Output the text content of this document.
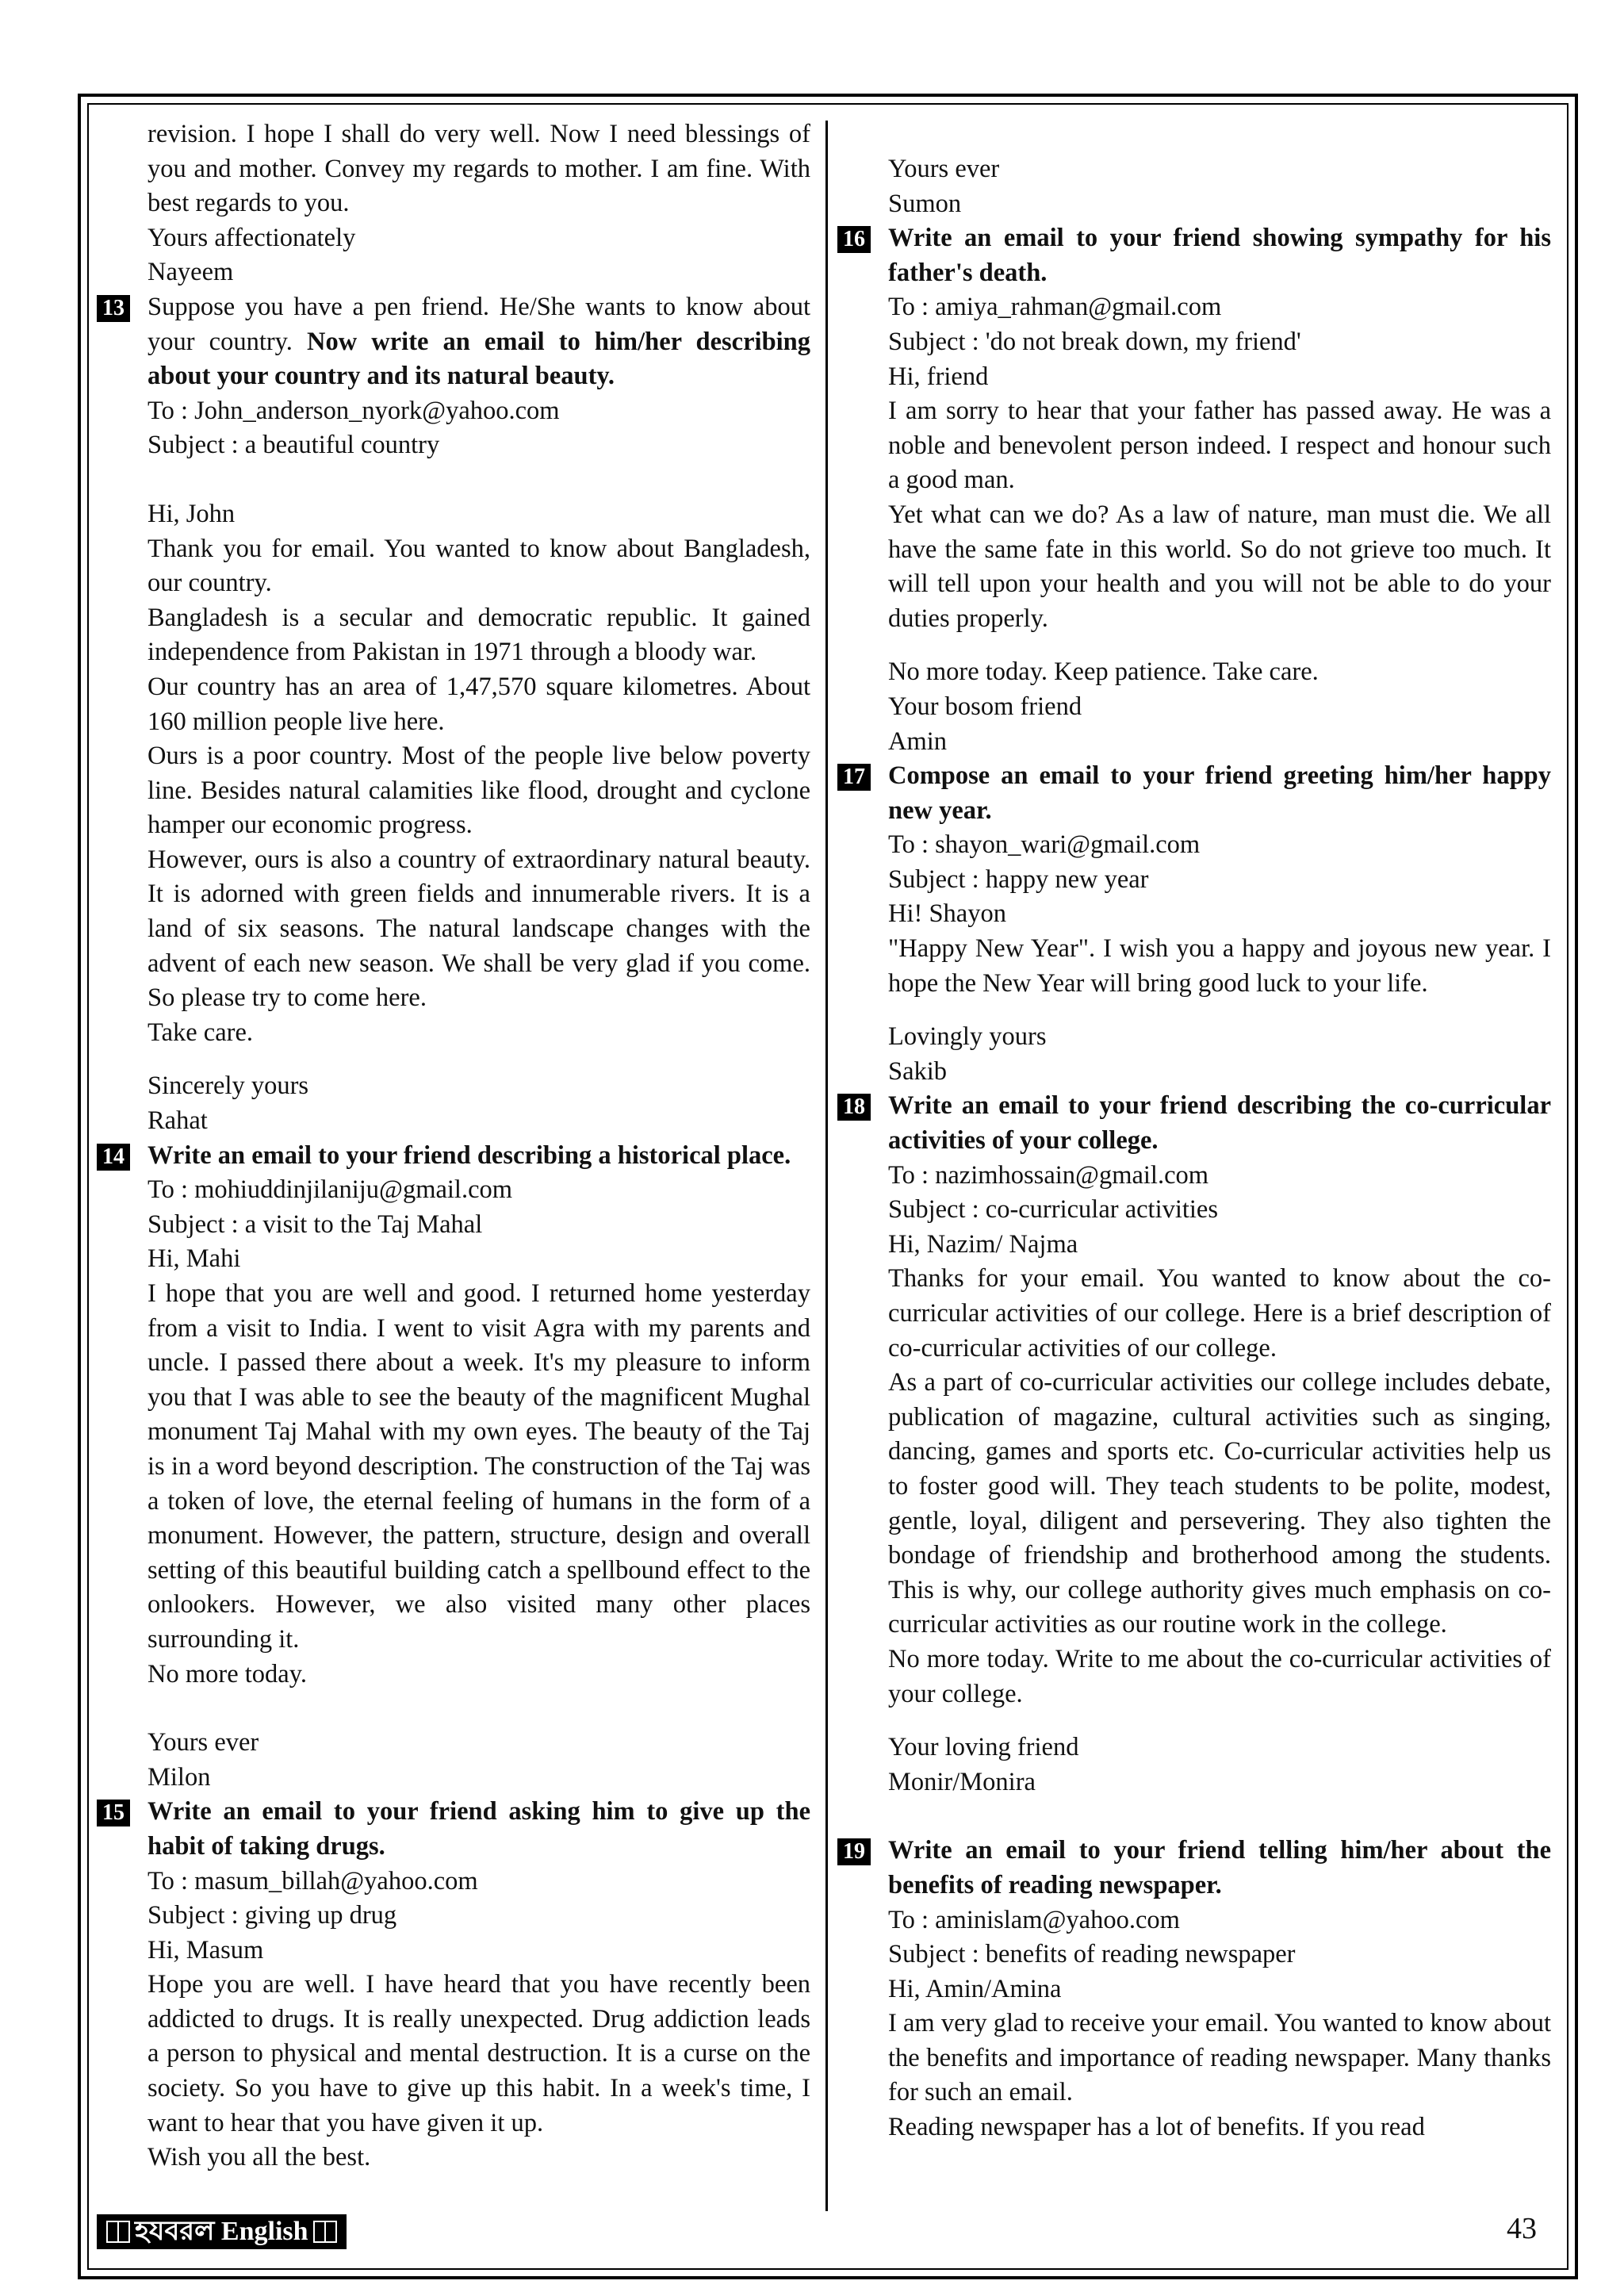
revision. I hope I shall do very well. Now I need blessings of you and mother. Convey my regards to mother. I am fine. With best regards to you.

Yours affectionately

Nayeem

13 Suppose you have a pen friend. He/She wants to know about your country. Now write an email to him/her describing about your country and its natural beauty.

To : John_anderson_nyork@yahoo.com

Subject : a beautiful country

Hi, John

Thank you for email. You wanted to know about Bangladesh, our country.

Bangladesh is a secular and democratic republic. It gained independence from Pakistan in 1971 through a bloody war.

Our country has an area of 1,47,570 square kilometres. About 160 million people live here.

Ours is a poor country. Most of the people live below poverty line. Besides natural calamities like flood, drought and cyclone hamper our economic progress.

However, ours is also a country of extraordinary natural beauty. It is adorned with green fields and innumerable rivers. It is a land of six seasons. The natural landscape changes with the advent of each new season. We shall be very glad if you come. So please try to come here.

Take care.

Sincerely yours

Rahat

14 Write an email to your friend describing a historical place.

To : mohiuddinjilaniju@gmail.com

Subject : a visit to the Taj Mahal

Hi, Mahi

I hope that you are well and good. I returned home yesterday from a visit to India. I went to visit Agra with my parents and uncle. I passed there about a week. It's my pleasure to inform you that I was able to see the beauty of the magnificent Mughal monument Taj Mahal with my own eyes. The beauty of the Taj is in a word beyond description. The construction of the Taj was a token of love, the eternal feeling of humans in the form of a monument. However, the pattern, structure, design and overall setting of this beautiful building catch a spellbound effect to the onlookers. However, we also visited many other places surrounding it.

No more today.

Yours ever

Milon

15 Write an email to your friend asking him to give up the habit of taking drugs.

To : masum_billah@yahoo.com

Subject : giving up drug

Hi, Masum

Hope you are well. I have heard that you have recently been addicted to drugs. It is really unexpected. Drug addiction leads a person to physical and mental destruction. It is a curse on the society. So you have to give up this habit. In a week's time, I want to hear that you have given it up.

Wish you all the best.

Yours ever

Sumon

16 Write an email to your friend showing sympathy for his father's death.

To : amiya_rahman@gmail.com

Subject : 'do not break down, my friend'

Hi, friend

I am sorry to hear that your father has passed away. He was a noble and benevolent person indeed. I respect and honour such a good man.

Yet what can we do? As a law of nature, man must die. We all have the same fate in this world. So do not grieve too much. It will tell upon your health and you will not be able to do your duties properly.

No more today. Keep patience. Take care.

Your bosom friend

Amin

17 Compose an email to your friend greeting him/her happy new year.

To : shayon_wari@gmail.com

Subject : happy new year

Hi! Shayon

"Happy New Year". I wish you a happy and joyous new year. I hope the New Year will bring good luck to your life.

Lovingly yours

Sakib

18 Write an email to your friend describing the co-curricular activities of your college.

To : nazimhossain@gmail.com

Subject : co-curricular activities

Hi, Nazim/ Najma

Thanks for your email. You wanted to know about the co-curricular activities of our college. Here is a brief description of co-curricular activities of our college.

As a part of co-curricular activities our college includes debate, publication of magazine, cultural activities such as singing, dancing, games and sports etc. Co-curricular activities help us to foster good will. They teach students to be polite, modest, gentle, loyal, diligent and persevering. They also tighten the bondage of friendship and brotherhood among the students. This is why, our college authority gives much emphasis on co-curricular activities as our routine work in the college.

No more today. Write to me about the co-curricular activities of your college.

Your loving friend

Monir/Monira

19 Write an email to your friend telling him/her about the benefits of reading newspaper.

To : aminislam@yahoo.com

Subject : benefits of reading newspaper

Hi, Amin/Amina

I am very glad to receive your email. You wanted to know about the benefits and importance of reading newspaper. Many thanks for such an email.

Reading newspaper has a lot of benefits. If you read

হযবরল English	43
